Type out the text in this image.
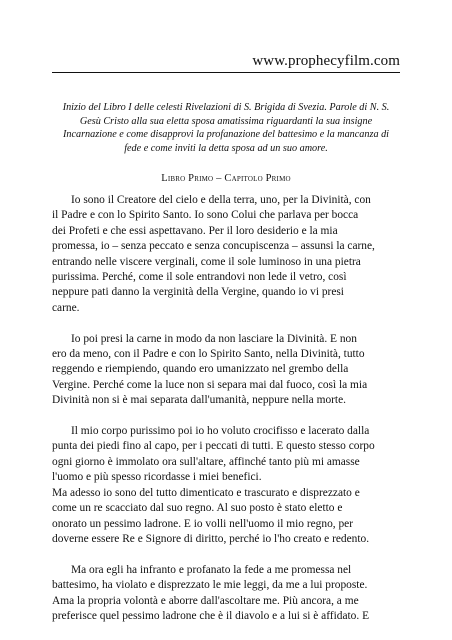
www.prophecyfilm.com
Inizio del Libro I delle celesti Rivelazioni di S. Brigida di Svezia. Parole di N. S.
Gesù Cristo alla sua eletta sposa amatissima riguardanti la sua insigne
Incarnazione e come disapprovi la profanazione del battesimo e la mancanza di
fede e come inviti la detta sposa ad un suo amore.
Libro Primo – Capitolo Primo
Io sono il Creatore del cielo e della terra, uno, per la Divinità, con
il Padre e con lo Spirito Santo. Io sono Colui che parlava per bocca
dei Profeti e che essi aspettavano. Per il loro desiderio e la mia
promessa, io – senza peccato e senza concupiscenza – assunsi la carne,
entrando nelle viscere verginali, come il sole luminoso in una pietra
purissima. Perché, come il sole entrandovi non lede il vetro, così
neppure pati danno la verginità della Vergine, quando io vi presi
carne.
Io poi presi la carne in modo da non lasciare la Divinità. E non
ero da meno, con il Padre e con lo Spirito Santo, nella Divinità, tutto
reggendo e riempiendo, quando ero umanizzato nel grembo della
Vergine. Perché come la luce non si separa mai dal fuoco, così la mia
Divinità non si è mai separata dall'umanità, neppure nella morte.
Il mio corpo purissimo poi io ho voluto crocifisso e lacerato dalla
punta dei piedi fino al capo, per i peccati di tutti. E questo stesso corpo
ogni giorno è immolato ora sull'altare, affinché tanto più mi amasse
l'uomo e più spesso ricordasse i miei benefici.
Ma adesso io sono del tutto dimenticato e trascurato e disprezzato e
come un re scacciato dal suo regno. Al suo posto è stato eletto e
onorato un pessimo ladrone. E io volli nell'uomo il mio regno, per
doverne essere Re e Signore di diritto, perché io l'ho creato e redento.
Ma ora egli ha infranto e profanato la fede a me promessa nel
battesimo, ha violato e disprezzato le mie leggi, da me a lui proposte.
Ama la propria volontà e aborre dall'ascoltare me. Più ancora, a me
preferisce quel pessimo ladrone che è il diavolo e a lui si è affidato. E
